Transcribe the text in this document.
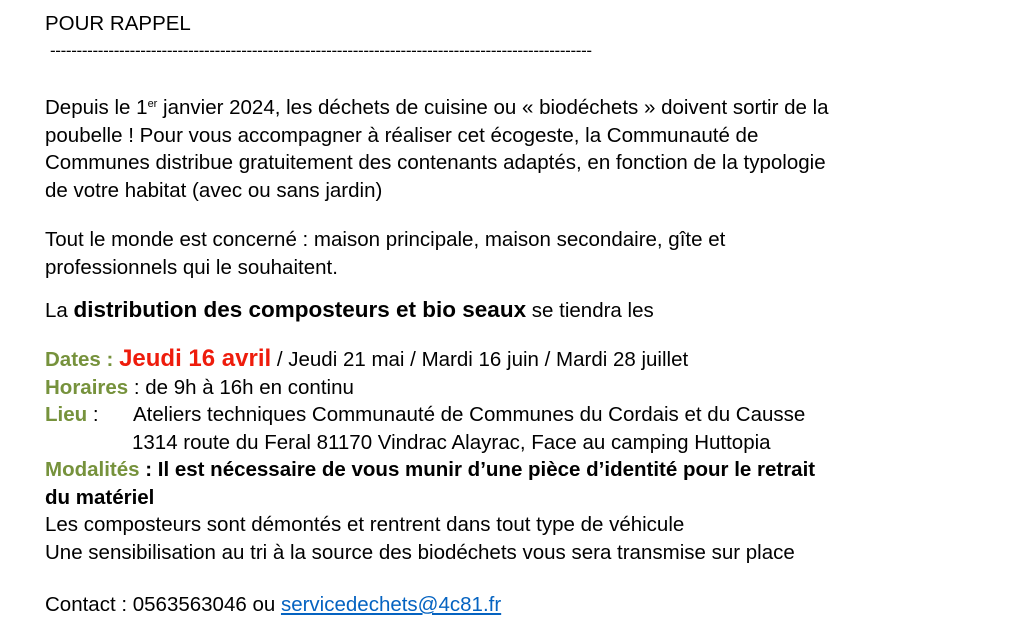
POUR RAPPEL
------------------------------------------------------------------------------------------------------
Depuis le 1er janvier 2024, les déchets de cuisine ou « biodéchets » doivent sortir de la
poubelle ! Pour vous accompagner à réaliser cet écogeste, la Communauté de
Communes distribue gratuitement des contenants adaptés, en fonction de la typologie
de votre habitat (avec ou sans jardin)
Tout le monde est concerné : maison principale, maison secondaire, gîte et
professionnels qui le souhaitent.
La distribution des composteurs et bio seaux se tiendra les
Dates : Jeudi 16 avril / Jeudi 21 mai / Mardi 16 juin / Mardi 28 juillet
Horaires : de 9h à 16h en continu
Lieu : Ateliers techniques Communauté de Communes du Cordais et du Causse
1314 route du Feral 81170 Vindrac Alayrac, Face au camping Huttopia
Modalités : Il est nécessaire de vous munir d’une pièce d’identité pour le retrait
du matériel
Les composteurs sont démontés et rentrent dans tout type de véhicule
Une sensibilisation au tri à la source des biodéchets vous sera transmise sur place
Contact : 0563563046 ou servicedechets@4c81.fr
